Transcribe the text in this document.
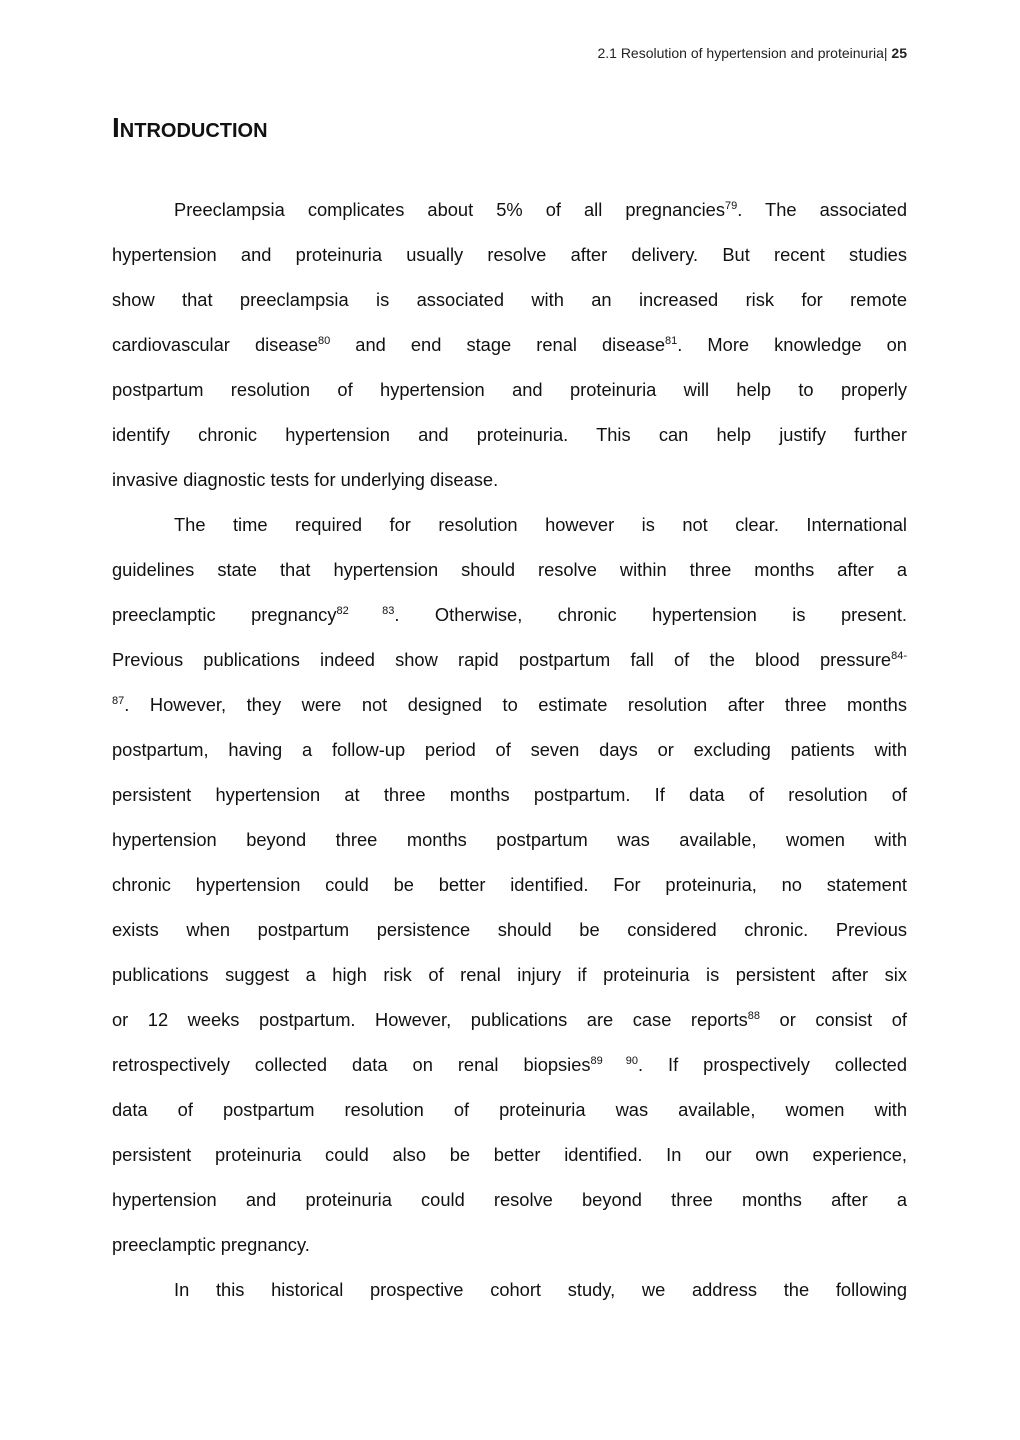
2.1 Resolution of hypertension and proteinuria| 25
Introduction
Preeclampsia complicates about 5% of all pregnancies$^{79}$. The associated
hypertension and proteinuria usually resolve after delivery. But recent studies
show that preeclampsia is associated with an increased risk for remote
cardiovascular disease$^{80}$ and end stage renal disease$^{81}$. More knowledge on
postpartum resolution of hypertension and proteinuria will help to properly
identify chronic hypertension and proteinuria. This can help justify further
invasive diagnostic tests for underlying disease.
The time required for resolution however is not clear. International
guidelines state that hypertension should resolve within three months after a
preeclamptic pregnancy$^{82 83}$. Otherwise, chronic hypertension is present.
Previous publications indeed show rapid postpartum fall of the blood pressure$^{84-}$
$^{87}$. However, they were not designed to estimate resolution after three months
postpartum, having a follow-up period of seven days or excluding patients with
persistent hypertension at three months postpartum. If data of resolution of
hypertension beyond three months postpartum was available, women with
chronic hypertension could be better identified. For proteinuria, no statement
exists when postpartum persistence should be considered chronic. Previous
publications suggest a high risk of renal injury if proteinuria is persistent after six
or 12 weeks postpartum. However, publications are case reports$^{88}$ or consist of
retrospectively collected data on renal biopsies$^{89 90}$. If prospectively collected
data of postpartum resolution of proteinuria was available, women with
persistent proteinuria could also be better identified. In our own experience,
hypertension and proteinuria could resolve beyond three months after a
preeclamptic pregnancy.
In this historical prospective cohort study, we address the following
